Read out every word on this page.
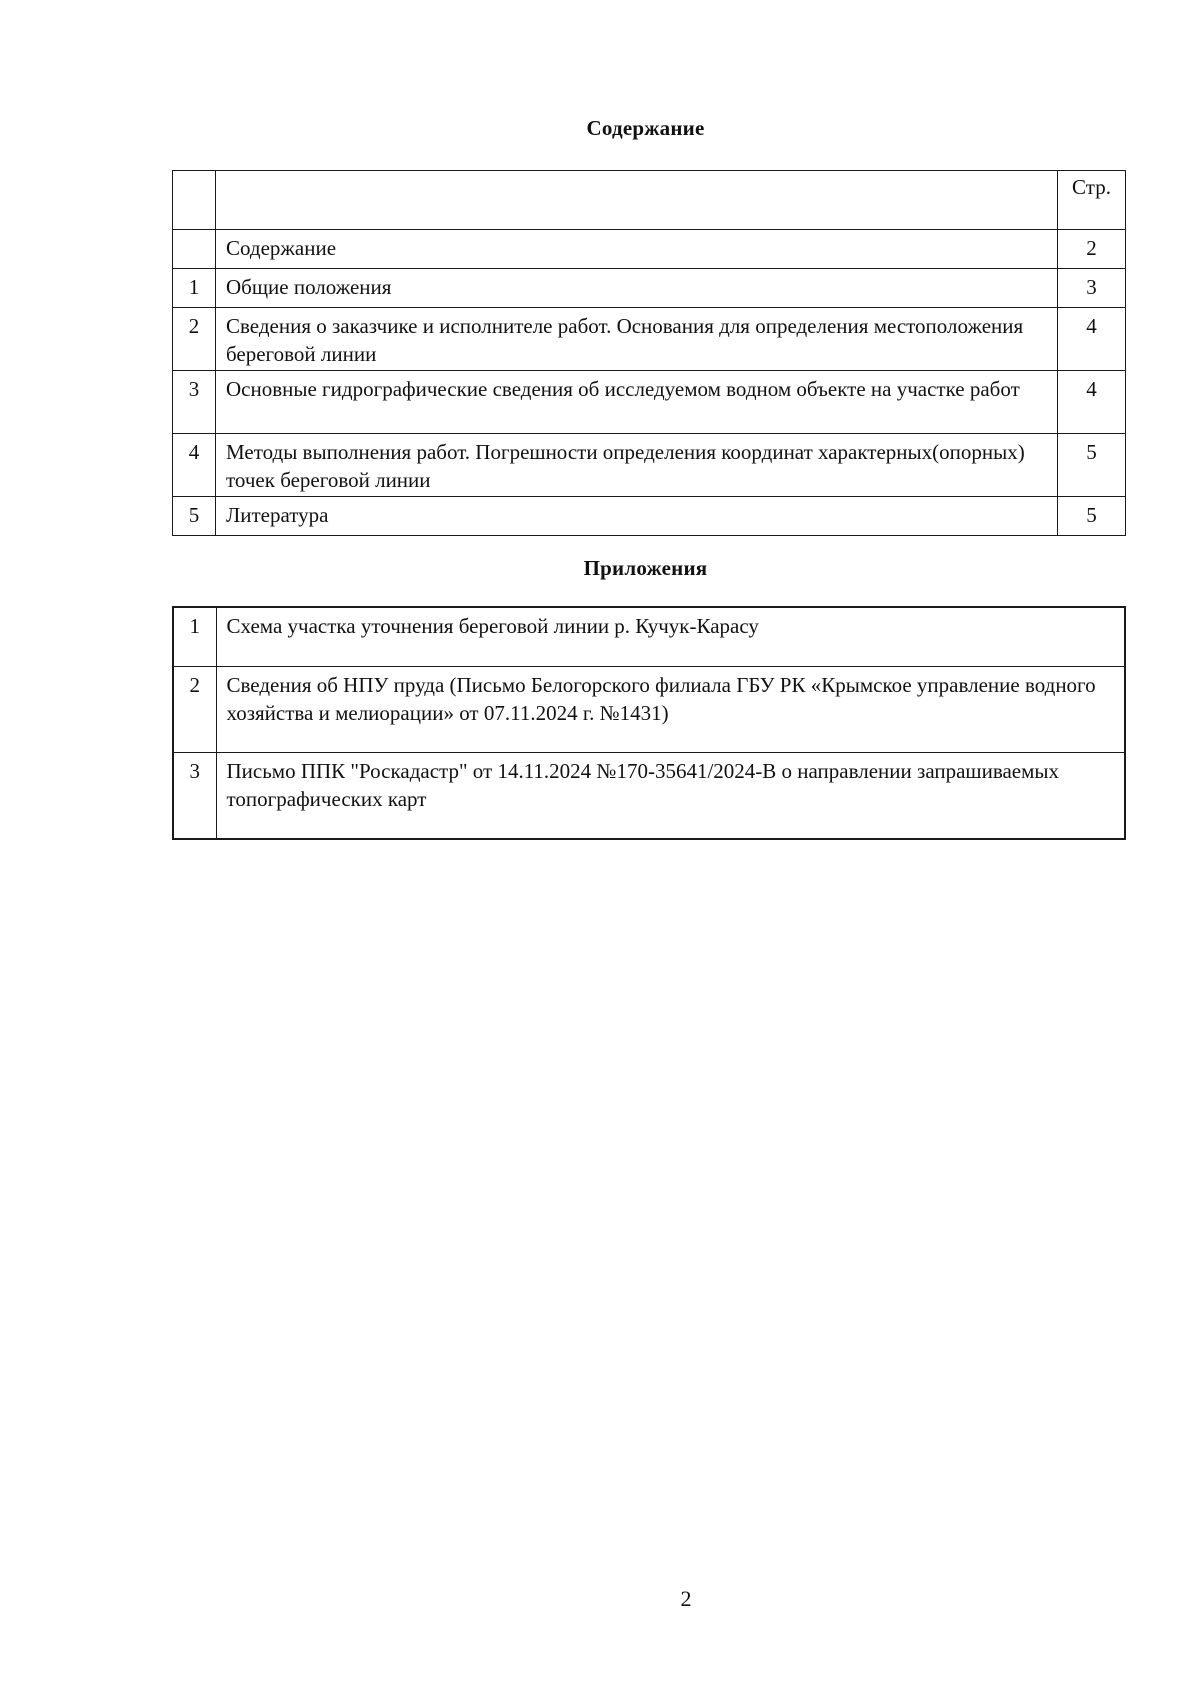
Содержание
		Стр.
	Содержание	2
1	Общие положения	3
2	Сведения о заказчике и исполнителе работ. Основания для определения местоположения береговой линии	4
3	Основные гидрографические сведения об исследуемом водном объекте на участке работ	4
4	Методы выполнения работ. Погрешности определения координат характерных(опорных) точек береговой линии	5
5	Литература	5
Приложения
1	Схема участка уточнения береговой линии р. Кучук-Карасу
2	Сведения об НПУ пруда (Письмо Белогорского филиала ГБУ РК «Крымское управление водного хозяйства и мелиорации» от 07.11.2024 г. №1431)
3	Письмо ППК "Роскадастр" от 14.11.2024 №170-35641/2024-В о направлении запрашиваемых топографических карт
2
